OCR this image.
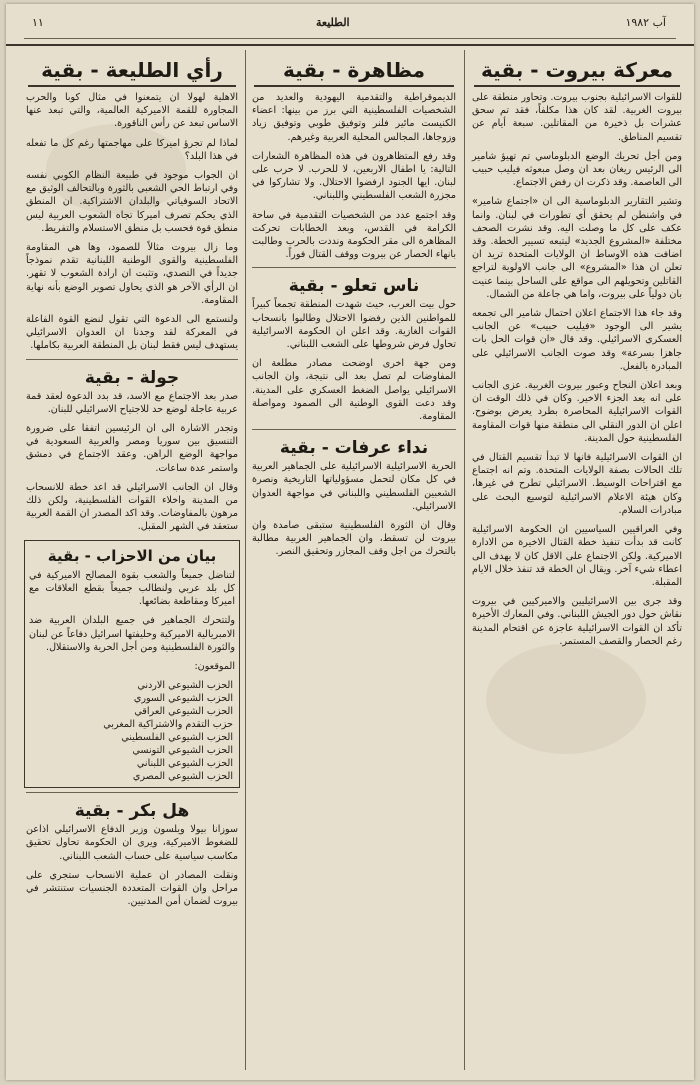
١١	الطليعة	آب ١٩٨٢
معركة بيروت - بقية

للقوات الاسرائيلية بجنوب بيروت. وتحاور منطقة على بيروت الغربية. لقد كان هذا مكلفاً، فقد تم سحق عشرات بل ذخيرة من المقاتلين. سبعة أيام عن تقسيم المناطق.

ومن أجل تحريك الوضع الدبلوماسي تم تهيؤ شامير الى الرئيس ريغان بعد ان وصل مبعوثه فيليب حبيب الى العاصمة. وقد ذكرت ان رفض الاجتماع.

وتشير التقارير الدبلوماسية الى ان «اجتماع شامير» في واشنطن لم يحقق أي تطورات في لبنان. وانما عكف على كل ما وصلت اليه. وقد نشرت الصحف مختلفة «المشروع الجديد» ليتبعه تسيير الخطة. وقد اضافت هذه الاوساط ان الولايات المتحدة تريد ان تعلن ان هذا «المشروع» الى جانب الاولوية لتراجع القاتلين وتحويلهم الى مواقع على الساحل بينما عنيت بان دولياً على بيروت، واما هي جاعلة من الشمال.

وقد جاء هذا الاجتماع اعلان احتمال شامير الى تجمعه يشير الى الوجود «فيليب حبيب» عن الجانب العسكري الاسرائيلي. وقد قال «ان قوات الحل بات جاهزا بسرعة» وقد صوت الجانب الاسرائيلي على المبادرة بالفعل.

وبعد اعلان النجاح وعبور بيروت الغربية. عزى الجانب على انه يعد الجزء الاخير. وكان في ذلك الوقت ان القوات الاسرائيلية المحاصرة بطرد يعرض بوضوح. اعلن ان الدور النقلي الى منطقة منها قوات المقاومة الفلسطينية حول المدينة.

ان القوات الاسرائيلية فانها لا تبدأ تقسيم القتال في تلك الحالات بصفة الولايات المتحدة. وتم انه اجتماع مع اقتراحات الوسيط. الاسرائيلي تطرح في غيرها، وكان هيئة الاعلام الاسرائيلية لتوسيع البحث على مبادرات السلام.

وفي العراقيين السياسيين ان الحكومة الاسرائيلية كانت قد بدأت تنفيذ خطة القتال الاخيرة من الادارة الاميركية. ولكن الاجتماع على الاقل كان لا يهدف الى اعطاء شيء آخر. ويقال ان الخطة قد تنفذ خلال الايام المقبلة.

وقد جرى بين الاسرائيليين والاميركيين في بيروت نقاش حول دور الجيش اللبناني. وفي المعارك الأخيرة تأكد ان القوات الاسرائيلية عاجزة عن اقتحام المدينة رغم الحصار والقصف المستمر.

مظاهرة - بقية

الديموقراطية والتقدمية اليهودية والعديد من الشخصيات الفلسطينية التي برز من بينها: اعضاء الكنيست مائير فلنر وتوفيق طوبي وتوفيق زياد وزوجاها، المجالس المحلية العربية وغيرهم.

وقد رفع المتظاهرون في هذه المظاهرة الشعارات التالية: يا اطفال الاربعين، لا للحرب. لا حرب على لبنان. ايها الجنود ارفضوا الاحتلال. ولا تشاركوا في مجزرة الشعب الفلسطيني واللبناني.

وقد اجتمع عدد من الشخصيات التقدمية في ساحة الكرامة في القدس، وبعد الخطابات تحركت المظاهرة الى مقر الحكومة ونددت بالحرب وطالبت بانهاء الحصار عن بيروت ووقف القتال فوراً.

ناس تعلو - بقية

حول بيت العرب، حيث شهدت المنطقة تجمعاً كبيراً للمواطنين الذين رفضوا الاحتلال وطالبوا بانسحاب القوات الغازية. وقد اعلن ان الحكومة الاسرائيلية تحاول فرض شروطها على الشعب اللبناني.

ومن جهة اخرى اوضحت مصادر مطلعة ان المفاوضات لم تصل بعد الى نتيجة، وان الجانب الاسرائيلي يواصل الضغط العسكري على المدينة. وقد دعت القوى الوطنية الى الصمود ومواصلة المقاومة.

نداء عرفات - بقية

الحرية الاسرائيلية الاسرائيلية على الجماهير العربية في كل مكان لتحمل مسؤولياتها التاريخية ونصرة الشعبين الفلسطيني واللبناني في مواجهة العدوان الاسرائيلي.

وقال ان الثورة الفلسطينية ستبقى صامدة وان بيروت لن تسقط، وان الجماهير العربية مطالبة بالتحرك من اجل وقف المجازر وتحقيق النصر.

رأي الطليعة - بقية

الاهلية لهولا ان يتمعنوا في مثال كوبا والحرب المجاورة للقمة الاميركية العالمية، والتي تبعد عنها الاساس تبعد عن رأس الناقورة.

لماذا لم تجرؤ اميركا على مهاجمتها رغم كل ما تفعله في هذا البلد؟

ان الجواب موجود في طبيعة النظام الكوبي نفسه وفي ارتباط الحي الشعبي بالثورة وبالتحالف الوثيق مع الاتحاد السوفياتي والبلدان الاشتراكية. ان المنطق الذي يحكم تصرف اميركا تجاه الشعوب العربية ليس منطق قوة فحسب بل منطق الاستسلام والتفريط.

وما زال بيروت مثالاً للصمود، وها هي المقاومة الفلسطينية والقوى الوطنية اللبنانية تقدم نموذجاً جديداً في التصدي، وتثبت ان ارادة الشعوب لا تقهر. ان الرأي الآخر هو الذي يحاول تصوير الوضع بأنه نهاية المقاومة.

ولنستمع الى الدعوة التي تقول لنضع القوة الفاعلة في المعركة لقد وجدنا ان العدوان الاسرائيلي يستهدف ليس فقط لبنان بل المنطقة العربية بكاملها.

جولة - بقية

صدر بعد الاجتماع مع الاسد، قد بدد الدعوة لعقد قمة عربية عاجلة لوضع حد للاجتياح الاسرائيلي للبنان.

وتجدر الاشارة الى ان الرئيسين اتفقا على ضرورة التنسيق بين سوريا ومصر والعربية السعودية في مواجهة الوضع الراهن. وعقد الاجتماع في دمشق واستمر عدة ساعات.

وقال ان الجانب الاسرائيلي قد اعد خطة للانسحاب من المدينة واخلاء القوات الفلسطينية، ولكن ذلك مرهون بالمفاوضات. وقد اكد المصدر ان القمة العربية ستعقد في الشهر المقبل.

بيان من الاحزاب - بقية

لتناضل جميعاً والشعب بقوة المصالح الاميركية في كل بلد عربي ولنطالب جميعاً بقطع العلاقات مع اميركا ومقاطعة بضائعها.

ولتتحرك الجماهير في جميع البلدان العربية ضد الامبريالية الاميركية وحليفتها اسرائيل دفاعاً عن لبنان والثورة الفلسطينية ومن أجل الحرية والاستقلال.

الموقعون:

الحزب الشيوعي الاردني
الحزب الشيوعي السوري
الحزب الشيوعي العراقي
حزب التقدم والاشتراكية المغربي
الحزب الشيوعي الفلسطيني
الحزب الشيوعي التونسي
الحزب الشيوعي اللبناني
الحزب الشيوعي المصري
هل بكر - بقية

سوزانا بيولا ويلسون وزير الدفاع الاسرائيلي اذاعن للضغوط الاميركية، ويرى ان الحكومة تحاول تحقيق مكاسب سياسية على حساب الشعب اللبناني.

ونقلت المصادر ان عملية الانسحاب ستجري على مراحل وان القوات المتعددة الجنسيات ستنتشر في بيروت لضمان أمن المدنيين.
